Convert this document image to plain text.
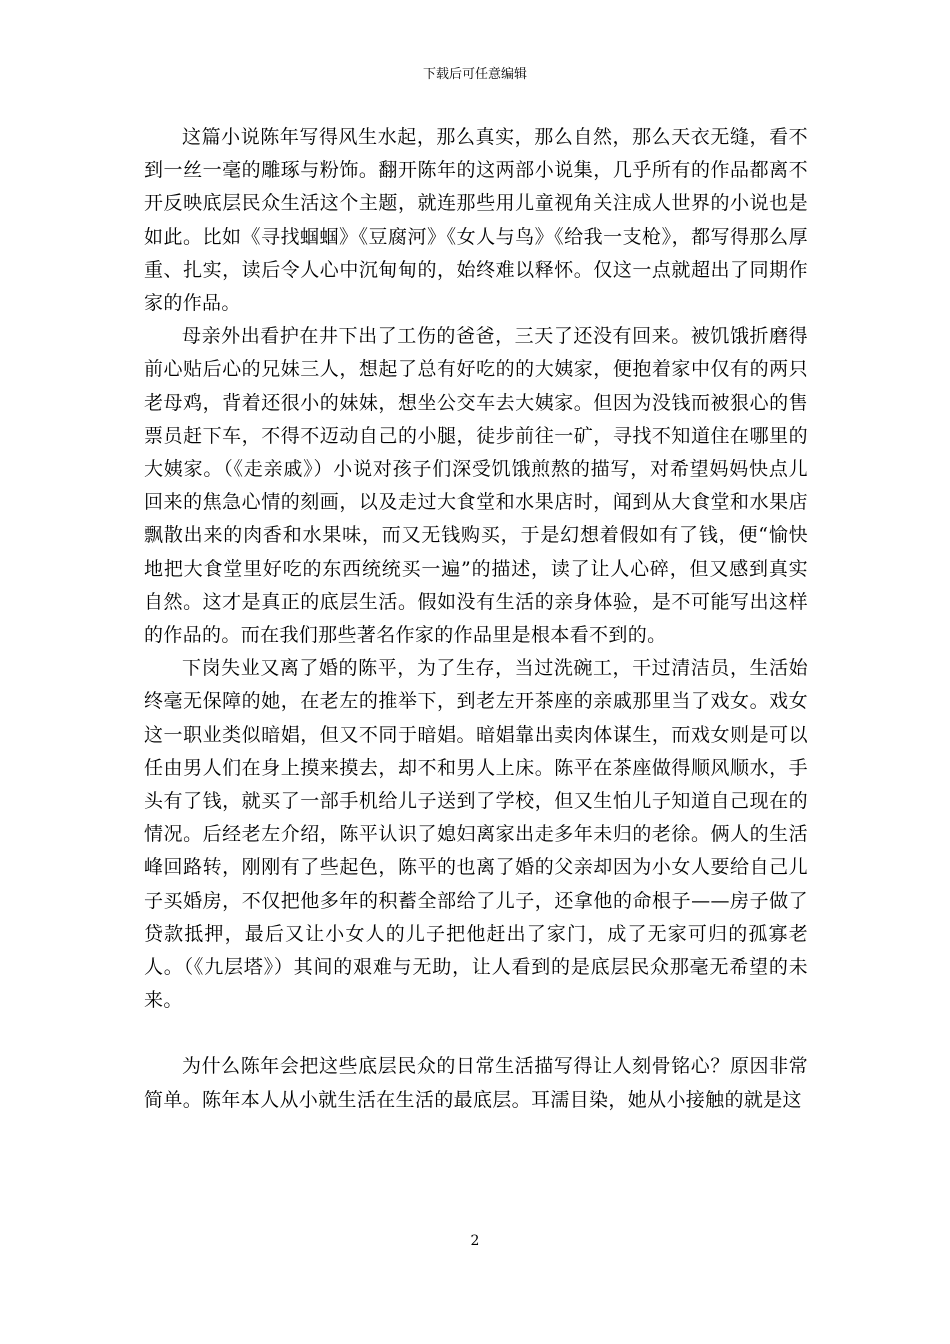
下载后可任意编辑

这篇小说陈年写得风生水起，那么真实，那么自然，那么天衣无缝，看不到一丝一毫的雕琢与粉饰。翻开陈年的这两部小说集，几乎所有的作品都离不开反映底层民众生活这个主题，就连那些用儿童视角关注成人世界的小说也是如此。比如《寻找蝈蝈》《豆腐河》《女人与鸟》《给我一支枪》，都写得那么厚重、扎实，读后令人心中沉甸甸的，始终难以释怀。仅这一点就超出了同期作家的作品。

母亲外出看护在井下出了工伤的爸爸，三天了还没有回来。被饥饿折磨得前心贴后心的兄妹三人，想起了总有好吃的的大姨家，便抱着家中仅有的两只老母鸡，背着还很小的妹妹，想坐公交车去大姨家。但因为没钱而被狠心的售票员赶下车，不得不迈动自己的小腿，徒步前往一矿，寻找不知道住在哪里的大姨家。（《走亲戚》）小说对孩子们深受饥饿煎熬的描写，对希望妈妈快点儿回来的焦急心情的刻画，以及走过大食堂和水果店时，闻到从大食堂和水果店飘散出来的肉香和水果味，而又无钱购买，于是幻想着假如有了钱，便“愉快地把大食堂里好吃的东西统统买一遍”的描述，读了让人心碎，但又感到真实自然。这才是真正的底层生活。假如没有生活的亲身体验，是不可能写出这样的作品的。而在我们那些著名作家的作品里是根本看不到的。

下岗失业又离了婚的陈平，为了生存，当过洗碗工，干过清洁员，生活始终毫无保障的她，在老左的推举下，到老左开茶座的亲戚那里当了戏女。戏女这一职业类似暗娼，但又不同于暗娼。暗娼靠出卖肉体谋生，而戏女则是可以任由男人们在身上摸来摸去，却不和男人上床。陈平在茶座做得顺风顺水，手头有了钱，就买了一部手机给儿子送到了学校，但又生怕儿子知道自己现在的情况。后经老左介绍，陈平认识了媳妇离家出走多年未归的老徐。俩人的生活峰回路转，刚刚有了些起色，陈平的也离了婚的父亲却因为小女人要给自己儿子买婚房，不仅把他多年的积蓄全部给了儿子，还拿他的命根子——房子做了贷款抵押，最后又让小女人的儿子把他赶出了家门，成了无家可归的孤寡老人。（《九层塔》）其间的艰难与无助，让人看到的是底层民众那毫无希望的未来。

为什么陈年会把这些底层民众的日常生活描写得让人刻骨铭心？原因非常简单。陈年本人从小就生活在生活的最底层。耳濡目染，她从小接触的就是这

2
